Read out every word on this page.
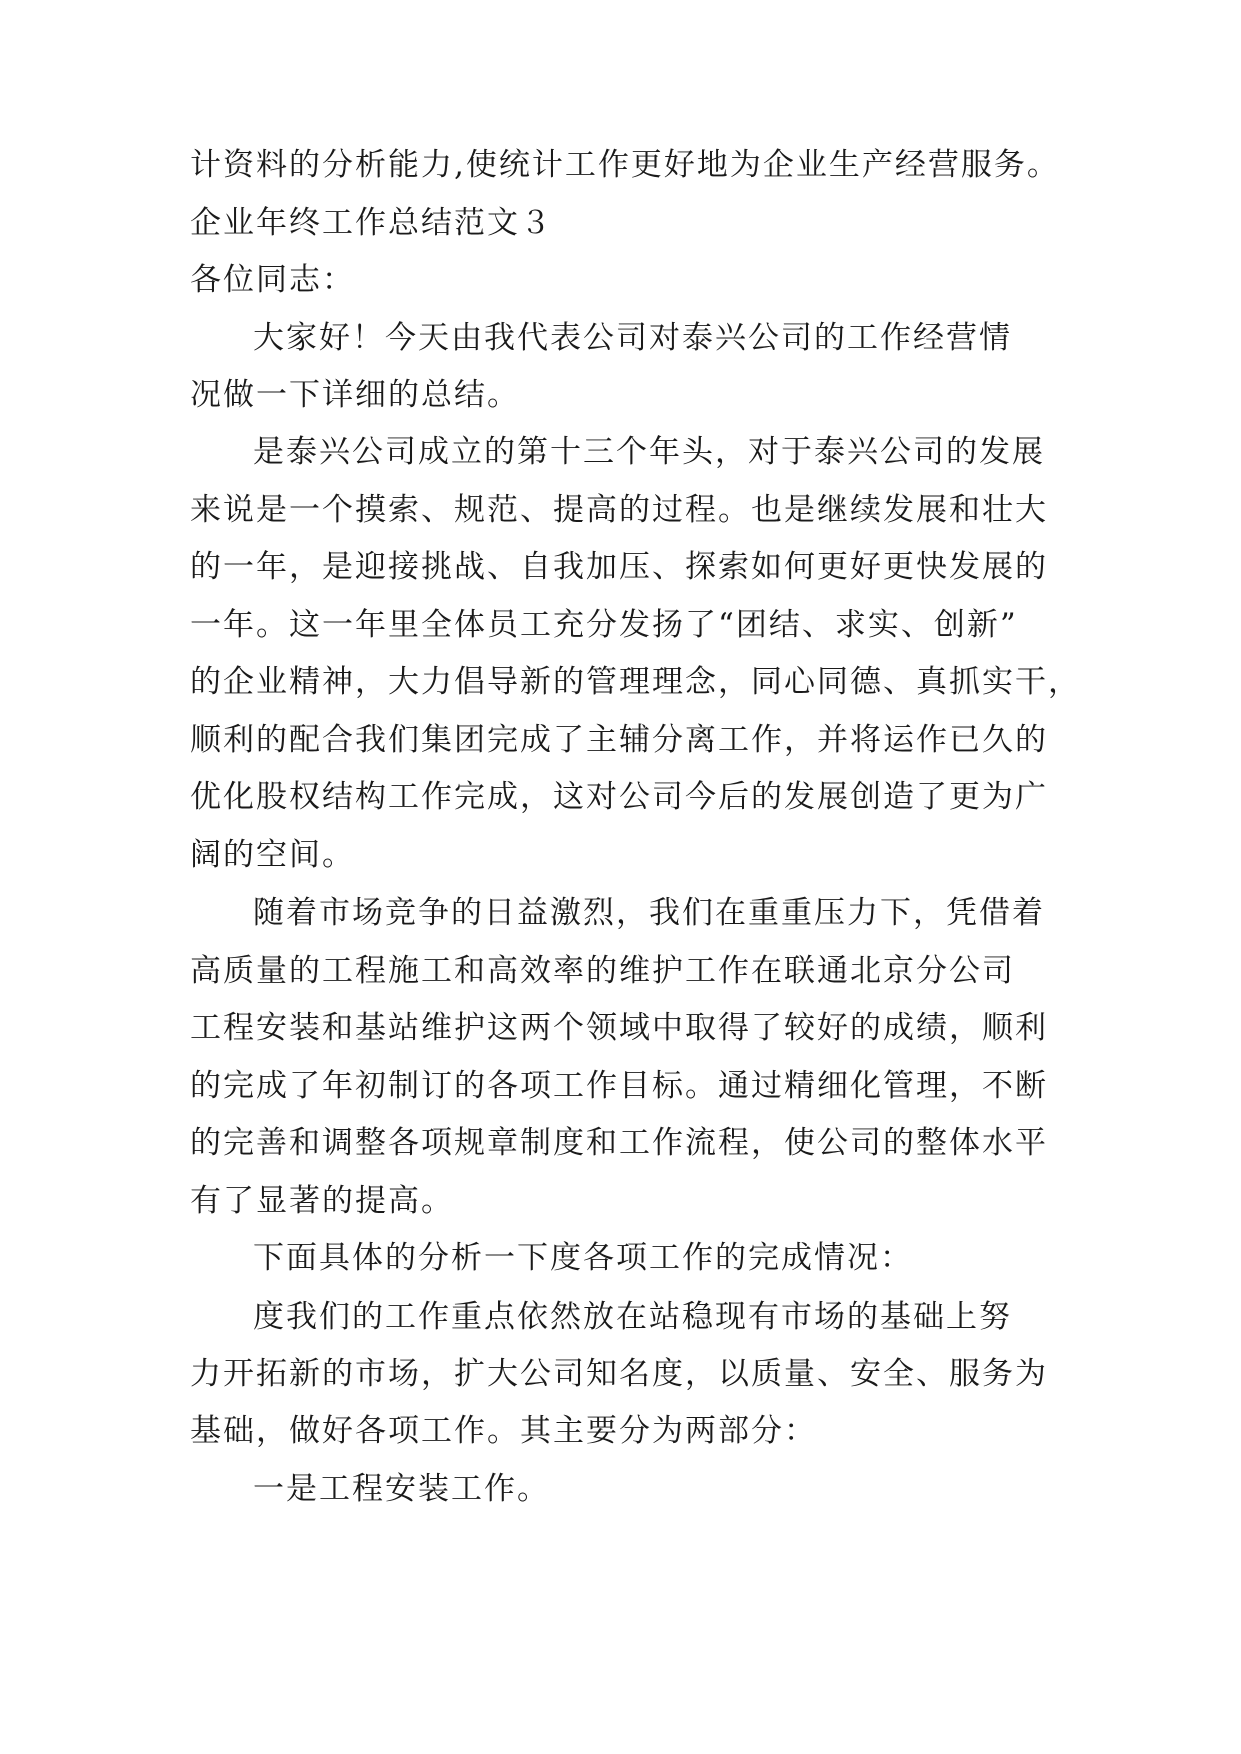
计资料的分析能力,使统计工作更好地为企业生产经营服务。
企业年终工作总结范文３
各位同志：
大家好！今天由我代表公司对泰兴公司的工作经营情
况做一下详细的总结。
是泰兴公司成立的第十三个年头，对于泰兴公司的发展
来说是一个摸索、规范、提高的过程。也是继续发展和壮大
的一年，是迎接挑战、自我加压、探索如何更好更快发展的
一年。这一年里全体员工充分发扬了“团结、求实、创新”
的企业精神，大力倡导新的管理理念，同心同德、真抓实干，
顺利的配合我们集团完成了主辅分离工作，并将运作已久的
优化股权结构工作完成，这对公司今后的发展创造了更为广
阔的空间。
随着市场竞争的日益激烈，我们在重重压力下，凭借着
高质量的工程施工和高效率的维护工作在联通北京分公司
工程安装和基站维护这两个领域中取得了较好的成绩，顺利
的完成了年初制订的各项工作目标。通过精细化管理，不断
的完善和调整各项规章制度和工作流程，使公司的整体水平
有了显著的提高。
下面具体的分析一下度各项工作的完成情况：
度我们的工作重点依然放在站稳现有市场的基础上努
力开拓新的市场，扩大公司知名度，以质量、安全、服务为
基础，做好各项工作。其主要分为两部分：
一是工程安装工作。
